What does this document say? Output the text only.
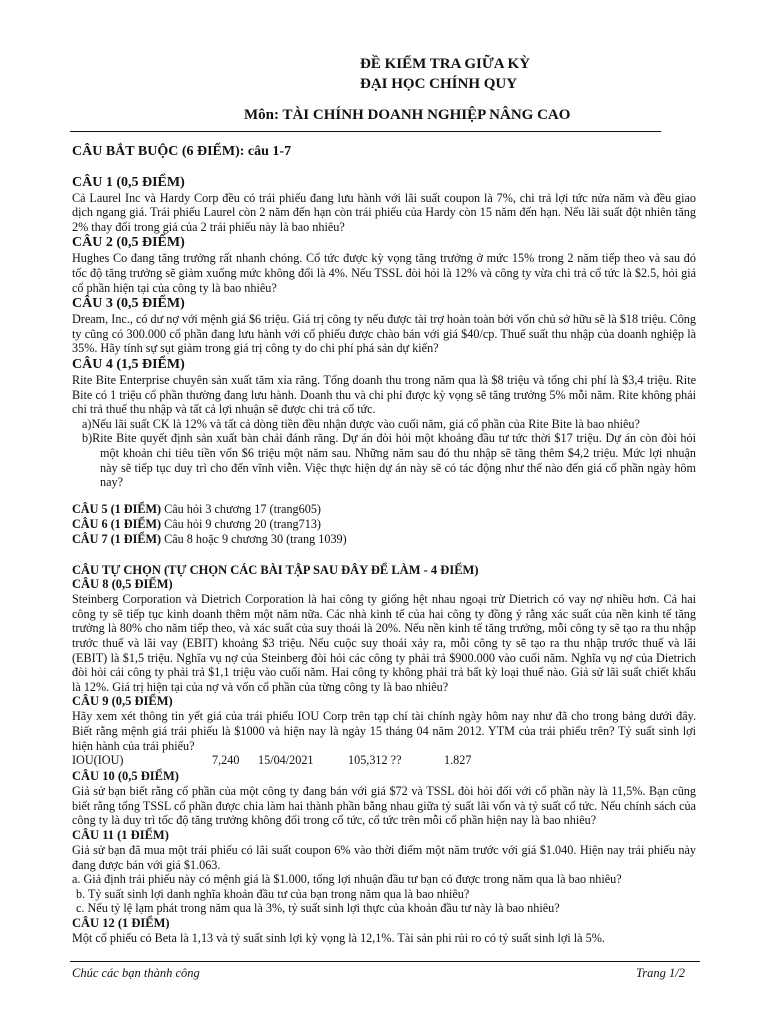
ĐỀ KIỂM TRA GIỮA KỲ
ĐẠI HỌC CHÍNH QUY
Môn: TÀI CHÍNH DOANH NGHIỆP NÂNG CAO

CÂU BẮT BUỘC (6 ĐIỂM): câu 1-7

CÂU 1 (0,5 ĐIỂM)

Cả Laurel Inc và Hardy Corp đều có trái phiếu đang lưu hành với lãi suất coupon là 7%, chi trả lợi tức nửa năm và đều giao dịch ngang giá. Trái phiếu Laurel còn 2 năm đến hạn còn trái phiếu của Hardy còn 15 năm đến hạn. Nếu lãi suất đột nhiên tăng 2% thay đổi trong giá của 2 trái phiếu này là bao nhiêu?

CÂU 2 (0,5 ĐIỂM)

Hughes Co đang tăng trưởng rất nhanh chóng. Cổ tức được kỳ vọng tăng trưởng ở mức 15% trong 2 năm tiếp theo và sau đó tốc độ tăng trưởng sẽ giảm xuống mức không đổi là 4%. Nếu TSSL đòi hỏi là 12% và công ty vừa chi trả cổ tức là $2.5, hỏi giá cổ phần hiện tại của công ty là bao nhiêu?

CÂU 3 (0,5 ĐIỂM)

Dream, Inc., có dư nợ với mệnh giá $6 triệu. Giá trị công ty nếu được tài trợ hoàn toàn bởi vốn chủ sở hữu sẽ là $18 triệu. Công ty cũng có 300.000 cổ phần đang lưu hành với cổ phiếu được chào bán với giá $40/cp. Thuế suất thu nhập của doanh nghiệp là 35%. Hãy tính sự sụt giảm trong giá trị công ty do chi phí phá sản dự kiến?

CÂU 4 (1,5 ĐIỂM)

Rite Bite Enterprise chuyên sản xuất tăm xỉa răng. Tổng doanh thu trong năm qua là $8 triệu và tổng chi phí là $3,4 triệu. Rite Bite có 1 triệu cổ phần thường đang lưu hành. Doanh thu và chi phí được kỳ vọng sẽ tăng trưởng 5% mỗi năm. Rite không phải chi trả thuế thu nhập và tất cả lợi nhuận sẽ được chi trả cổ tức.

a)Nếu lãi suất CK là 12% và tất cả dòng tiền đều nhận được vào cuối năm, giá cổ phần của Rite Bite là bao nhiêu?

b)Rite Bite quyết định sản xuất bàn chải đánh răng. Dự án đòi hỏi một khoảng đầu tư tức thời $17 triệu. Dự án còn đòi hỏi một khoản chi tiêu tiền vốn $6 triệu một năm sau. Những năm sau đó thu nhập sẽ tăng thêm $4,2 triệu. Mức lợi nhuận này sẽ tiếp tục duy trì cho đến vĩnh viễn. Việc thực hiện dự án này sẽ có tác động như thế nào đến giá cổ phần ngày hôm nay?

CÂU 5 (1 ĐIỂM) Câu hỏi 3 chương 17 (trang605)
CÂU 6 (1 ĐIỂM) Câu hỏi 9 chương 20 (trang713)
CÂU 7 (1 ĐIỂM) Câu 8 hoặc 9 chương 30 (trang 1039)

CÂU TỰ CHỌN (TỰ CHỌN CÁC BÀI TẬP SAU ĐÂY ĐỂ LÀM - 4 ĐIỂM)

CÂU 8 (0,5 ĐIỂM)

Steinberg Corporation và Dietrich Corporation là hai công ty giống hệt nhau ngoại trừ Dietrich có vay nợ nhiều hơn. Cả hai công ty sẽ tiếp tục kinh doanh thêm một năm nữa. Các nhà kinh tế của hai công ty đồng ý rằng xác suất của nền kinh tế tăng trưởng là 80% cho năm tiếp theo, và xác suất của suy thoái là 20%. Nếu nền kinh tế tăng trưởng, mỗi công ty sẽ tạo ra thu nhập trước thuế và lãi vay (EBIT) khoảng $3 triệu. Nếu cuộc suy thoái xảy ra, mỗi công ty sẽ tạo ra thu nhập trước thuế và lãi (EBIT) là $1,5 triệu. Nghĩa vụ nợ của Steinberg đòi hỏi các công ty phải trả $900.000 vào cuối năm. Nghĩa vụ nợ của Dietrich đòi hỏi cái công ty phải trả $1,1 triệu vào cuối năm. Hai công ty không phải trả bất kỳ loại thuế nào. Giả sử lãi suất chiết khấu là 12%. Giá trị hiện tại của nợ và vốn cổ phần của từng công ty là bao nhiêu?

CÂU 9 (0,5 ĐIỂM)

Hãy xem xét thông tin yết giá của trái phiếu IOU Corp trên tạp chí tài chính ngày hôm nay như đã cho trong bảng dưới đây. Biết rằng mệnh giá trái phiếu là $1000 và hiện nay là ngày 15 tháng 04 năm 2012. YTM của trái phiếu trên? Tỷ suất sinh lợi hiện hành của trái phiếu?

IOU(IOU)	7,240 15/04/2021	105,312 ??	1.827

CÂU 10 (0,5 ĐIỂM)

Giả sử bạn biết rằng cổ phần của một công ty đang bán với giá $72 và TSSL đòi hỏi đối với cổ phần này là 11,5%. Bạn cũng biết rằng tổng TSSL cổ phần được chia làm hai thành phần bằng nhau giữa tỷ suất lãi vốn và tỷ suất cổ tức. Nếu chính sách của công ty là duy trì tốc độ tăng trưởng không đổi trong cổ tức, cổ tức trên mỗi cổ phần hiện nay là bao nhiêu?

CÂU 11 (1 ĐIỂM)

Giả sử bạn đã mua một trái phiếu có lãi suất coupon 6% vào thời điểm một năm trước với giá $1.040. Hiện nay trái phiếu này đang được bán với giá $1.063.

a. Giả định trái phiếu này có mệnh giá là $1.000, tổng lợi nhuận đầu tư bạn có được trong năm qua là bao nhiêu?

b. Tỷ suất sinh lợi danh nghĩa khoản đầu tư của bạn trong năm qua là bao nhiêu?

c. Nếu tỷ lệ lạm phát trong năm qua là 3%, tỷ suất sinh lợi thực của khoản đầu tư này là bao nhiêu?

CÂU 12 (1 ĐIỂM)

Một cổ phiếu có Beta là 1,13 và tỷ suất sinh lợi kỳ vọng là 12,1%. Tài sản phi rủi ro có tỷ suất sinh lợi là 5%.

Chúc các bạn thành công	Trang 1/2
